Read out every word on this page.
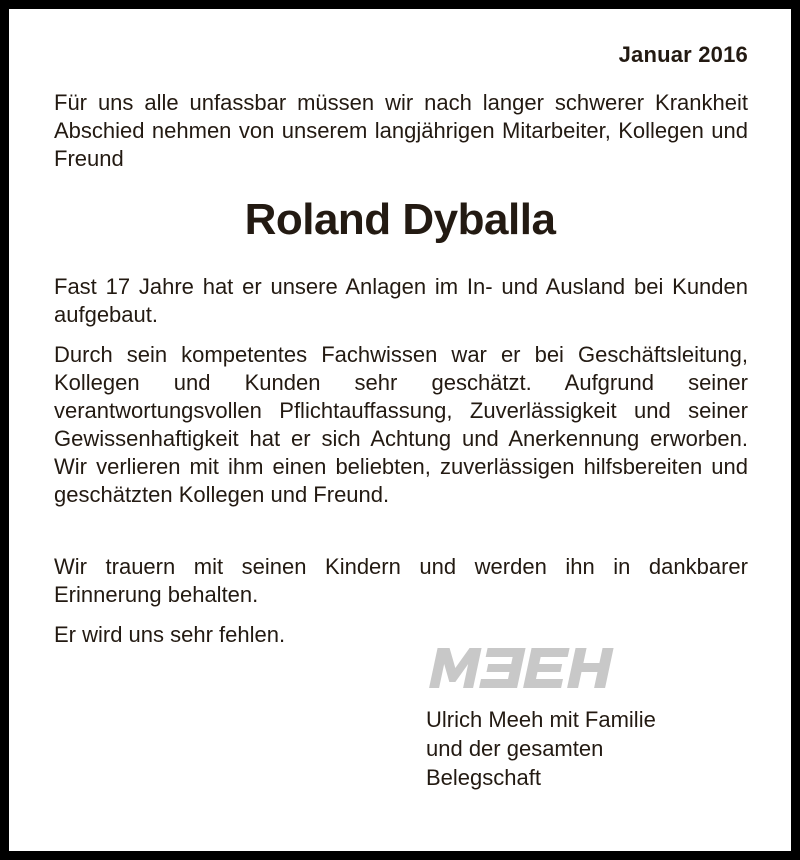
Januar 2016
Für uns alle unfassbar müssen wir nach langer schwerer Krankheit Abschied nehmen von unserem langjährigen Mitarbeiter, Kollegen und Freund
Roland Dyballa
Fast 17 Jahre hat er unsere Anlagen im In- und Ausland bei Kunden aufgebaut.
Durch sein kompetentes Fachwissen war er bei Geschäftsleitung, Kollegen und Kunden sehr geschätzt. Aufgrund seiner verantwortungsvollen Pflichtauffassung, Zuverlässigkeit und seiner Gewissenhaftigkeit hat er sich Achtung und Anerkennung erworben. Wir verlieren mit ihm einen beliebten, zuverlässigen hilfsbereiten und geschätzten Kollegen und Freund.
Wir trauern mit seinen Kindern und werden ihn in dankbarer Erinnerung behalten.
Er wird uns sehr fehlen.
Ulrich Meeh mit Familie
und der gesamten
Belegschaft
